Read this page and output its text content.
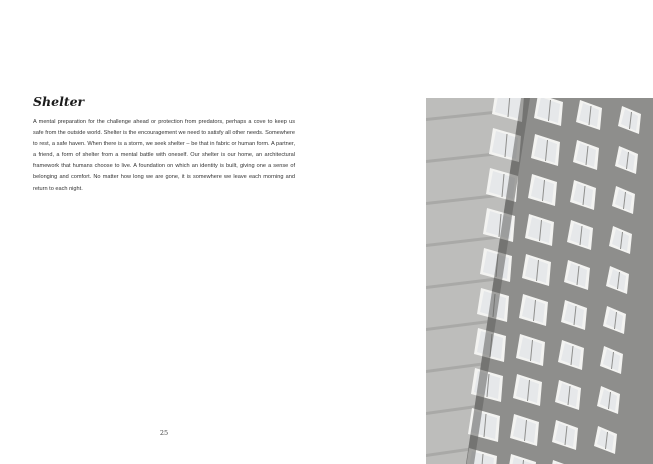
Shelter

A mental preparation for the challenge ahead or protection from predators, perhaps a cove to keep us safe from the outside world. Shelter is the encouragement we need to satisfy all other needs. Somewhere to rest, a safe haven. When there is a storm, we seek shelter – be that in fabric or human form. A partner, a friend, a form of shelter from a mental battle with oneself. Our shelter is our home, an architectural framework that humans choose to live. A foundation on which an identity is built, giving one a sense of belonging and comfort. No matter how long we are gone, it is somewhere we leave each morning and return to each night.

25
